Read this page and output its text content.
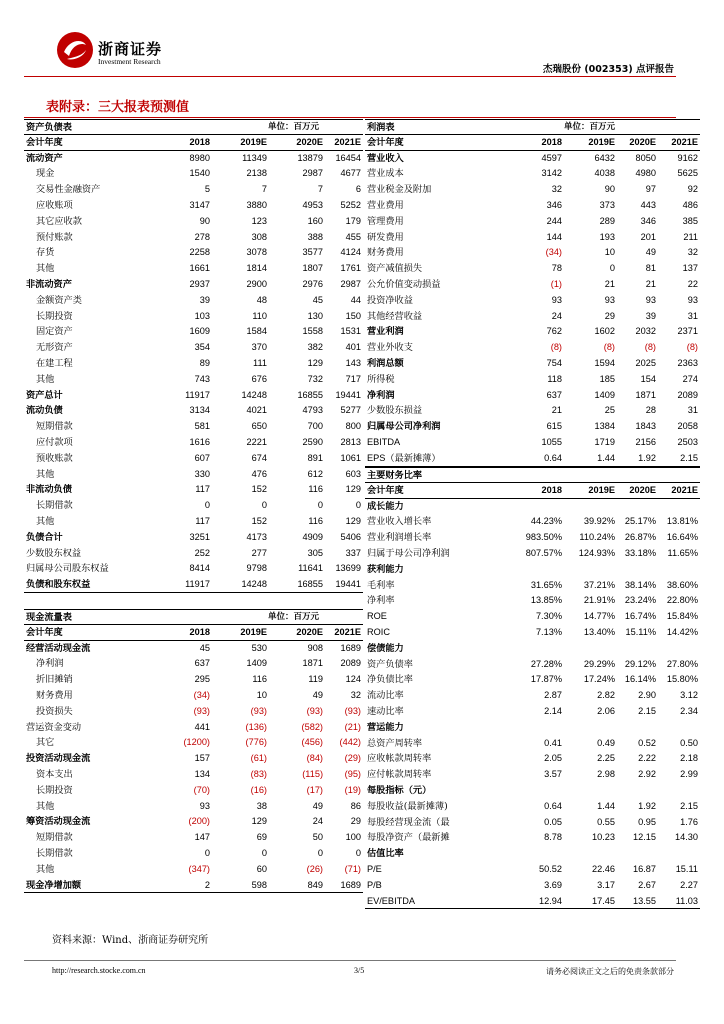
浙商证券
Investment Research
杰瑞股份 (002353) 点评报告
表附录：三大报表预测值
资产负债表	单位：百万元
会计年度	2018	2019E	2020E	2021E
流动资产	8980	11349	13879	16454
现金	1540	2138	2987	4677
交易性金融资产	5	7	7	6
应收账项	3147	3880	4953	5252
其它应收款	90	123	160	179
预付账款	278	308	388	455
存货	2258	3078	3577	4124
其他	1661	1814	1807	1761
非流动资产	2937	2900	2976	2987
金额资产类	39	48	45	44
长期投资	103	110	130	150
固定资产	1609	1584	1558	1531
无形资产	354	370	382	401
在建工程	89	111	129	143
其他	743	676	732	717
资产总计	11917	14248	16855	19441
流动负债	3134	4021	4793	5277
短期借款	581	650	700	800
应付款项	1616	2221	2590	2813
预收账款	607	674	891	1061
其他	330	476	612	603
非流动负债	117	152	116	129
长期借款	0	0	0	0
其他	117	152	116	129
负债合计	3251	4173	4909	5406
少数股东权益	252	277	305	337
归属母公司股东权益	8414	9798	11641	13699
负债和股东权益	11917	14248	16855	19441
现金流量表	单位：百万元
会计年度	2018	2019E	2020E	2021E
经营活动现金流	45	530	908	1689
净利润	637	1409	1871	2089
折旧摊销	295	116	119	124
财务费用	(34)	10	49	32
投资损失	(93)	(93)	(93)	(93)
营运资金变动	441	(136)	(582)	(21)
其它	(1200)	(776)	(456)	(442)
投资活动现金流	157	(61)	(84)	(29)
资本支出	134	(83)	(115)	(95)
长期投资	(70)	(16)	(17)	(19)
其他	93	38	49	86
筹资活动现金流	(200)	129	24	29
短期借款	147	69	50	100
长期借款	0	0	0	0
其他	(347)	60	(26)	(71)
现金净增加额	2	598	849	1689
利润表	单位：百万元
会计年度	2018	2019E	2020E	2021E
营业收入	4597	6432	8050	9162
营业成本	3142	4038	4980	5625
营业税金及附加	32	90	97	92
营业费用	346	373	443	486
管理费用	244	289	346	385
研发费用	144	193	201	211
财务费用	(34)	10	49	32
资产减值损失	78	0	81	137
公允价值变动损益	(1)	21	21	22
投资净收益	93	93	93	93
其他经营收益	24	29	39	31
营业利润	762	1602	2032	2371
营业外收支	(8)	(8)	(8)	(8)
利润总额	754	1594	2025	2363
所得税	118	185	154	274
净利润	637	1409	1871	2089
少数股东损益	21	25	28	31
归属母公司净利润	615	1384	1843	2058
EBITDA	1055	1719	2156	2503
EPS（最新摊薄）	0.64	1.44	1.92	2.15
主要财务比率
会计年度	2018	2019E	2020E	2021E
成长能力
营业收入增长率	44.23%	39.92%	25.17%	13.81%
营业利润增长率	983.50%	110.24%	26.87%	16.64%
归属于母公司净利润	807.57%	124.93%	33.18%	11.65%
获利能力
毛利率	31.65%	37.21%	38.14%	38.60%
净利率	13.85%	21.91%	23.24%	22.80%
ROE	7.30%	14.77%	16.74%	15.84%
ROIC	7.13%	13.40%	15.11%	14.42%
偿债能力
资产负债率	27.28%	29.29%	29.12%	27.80%
净负债比率	17.87%	17.24%	16.14%	15.80%
流动比率	2.87	2.82	2.90	3.12
速动比率	2.14	2.06	2.15	2.34
营运能力
总资产周转率	0.41	0.49	0.52	0.50
应收帐款周转率	2.05	2.25	2.22	2.18
应付帐款周转率	3.57	2.98	2.92	2.99
每股指标（元）
每股收益(最新摊薄)	0.64	1.44	1.92	2.15
每股经营现金流（最	0.05	0.55	0.95	1.76
每股净资产（最新摊	8.78	10.23	12.15	14.30
估值比率
P/E	50.52	22.46	16.87	15.11
P/B	3.69	3.17	2.67	2.27
EV/EBITDA	12.94	17.45	13.55	11.03
资料来源：Wind、浙商证券研究所
http://research.stocke.com.cn	3/5	请务必阅读正文之后的免责条款部分
